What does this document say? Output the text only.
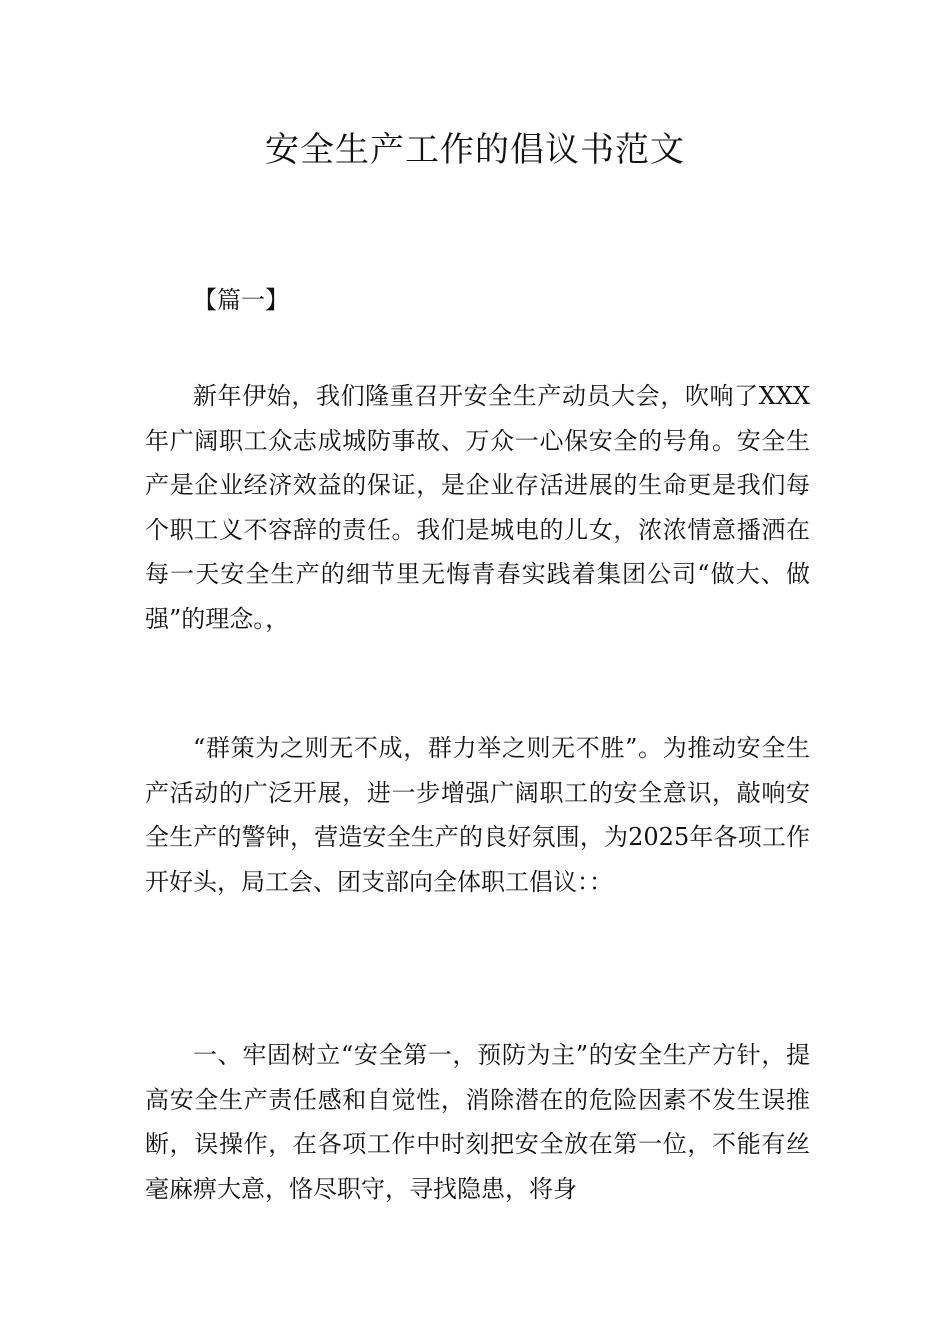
安全生产工作的倡议书范文

【篇一】

新年伊始，我们隆重召开安全生产动员大会，吹响了XXX年广阔职工众志成城防事故、万众一心保安全的号角。安全生产是企业经济效益的保证，是企业存活进展的生命更是我们每个职工义不容辞的责任。我们是城电的儿女，浓浓情意播洒在每一天安全生产的细节里无悔青春实践着集团公司“做大、做强”的理念。，

“群策为之则无不成，群力举之则无不胜”。为推动安全生产活动的广泛开展，进一步增强广阔职工的安全意识，敲响安全生产的警钟，营造安全生产的良好氛围，为2025年各项工作开好头，局工会、团支部向全体职工倡议：：

一、牢固树立“安全第一，预防为主”的安全生产方针，提高安全生产责任感和自觉性，消除潜在的危险因素不发生误推断，误操作，在各项工作中时刻把安全放在第一位，不能有丝毫麻痹大意，恪尽职守，寻找隐患，将身
